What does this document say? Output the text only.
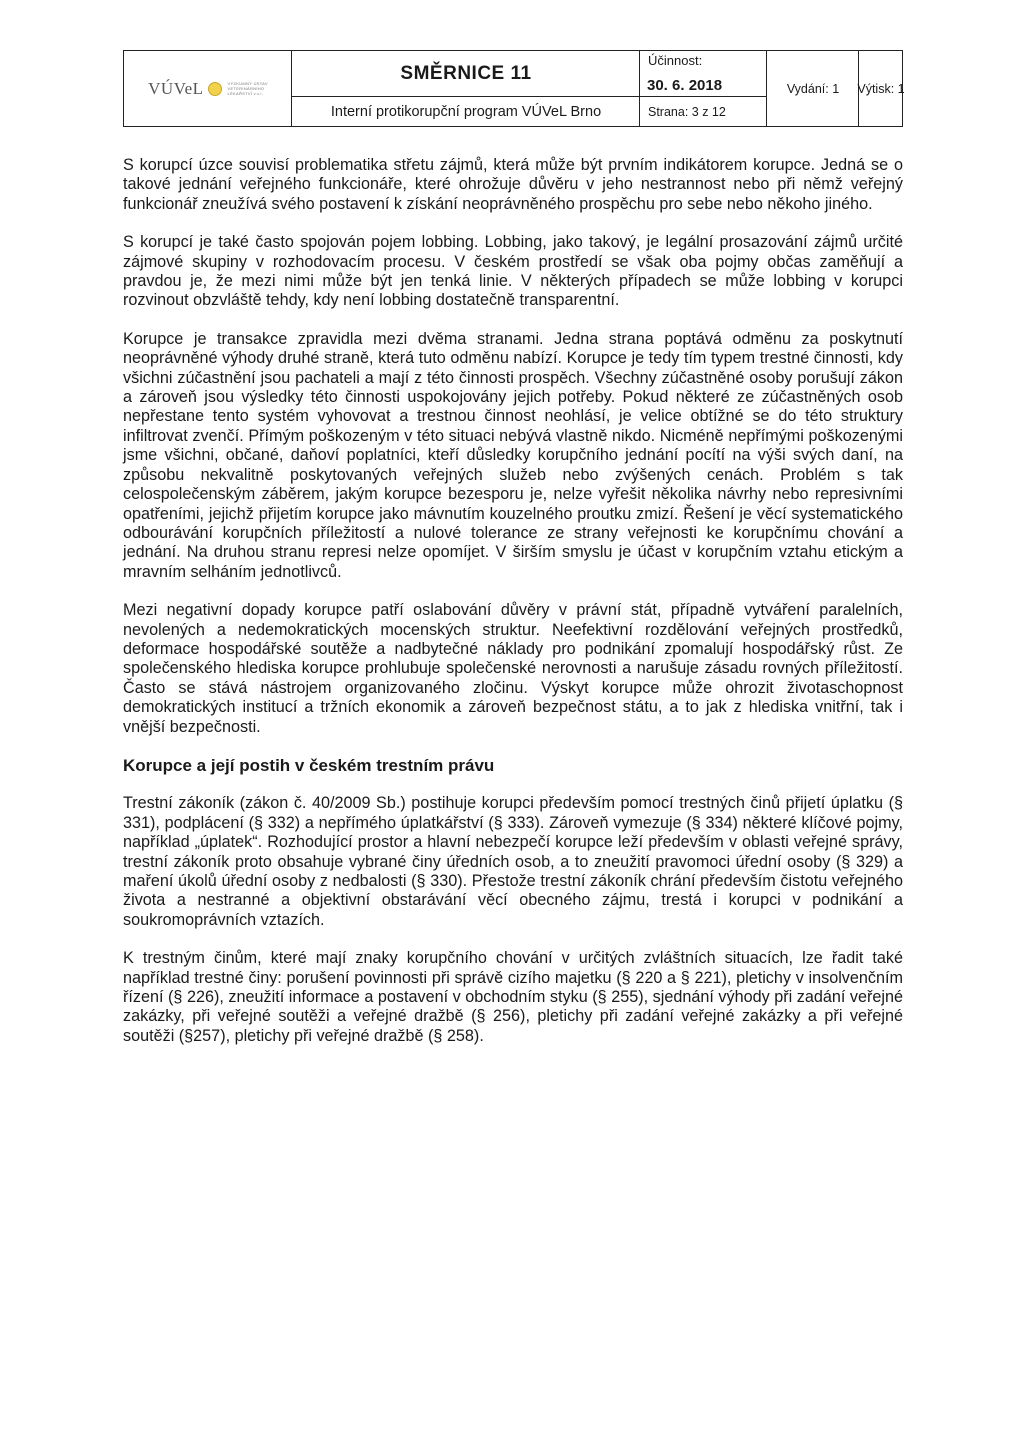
VÚVeL	VÝZKUMNÝ ÚSTAV
VETERINÁRNÍHO
LÉKAŘSTVÍ v.v.i.
SMĚRNICE 11
Interní protikorupční program VÚVeL Brno
Účinnost:
30. 6. 2018
Strana: 3 z 12
Vydání: 1	Výtisk: 1

S korupcí úzce souvisí problematika střetu zájmů, která může být prvním indikátorem korupce. Jedná se o takové jednání veřejného funkcionáře, které ohrožuje důvěru v jeho nestrannost nebo při němž veřejný funkcionář zneužívá svého postavení k získání neoprávněného prospěchu pro sebe nebo někoho jiného.

S korupcí je také často spojován pojem lobbing. Lobbing, jako takový, je legální prosazování zájmů určité zájmové skupiny v rozhodovacím procesu. V českém prostředí se však oba pojmy občas zaměňují a pravdou je, že mezi nimi může být jen tenká linie. V některých případech se může lobbing v korupci rozvinout obzvláště tehdy, kdy není lobbing dostatečně transparentní.

Korupce je transakce zpravidla mezi dvěma stranami. Jedna strana poptává odměnu za poskytnutí neoprávněné výhody druhé straně, která tuto odměnu nabízí. Korupce je tedy tím typem trestné činnosti, kdy všichni zúčastnění jsou pachateli a mají z této činnosti prospěch. Všechny zúčastněné osoby porušují zákon a zároveň jsou výsledky této činnosti uspokojovány jejich potřeby. Pokud některé ze zúčastněných osob nepřestane tento systém vyhovovat a trestnou činnost neohlásí, je velice obtížné se do této struktury infiltrovat zvenčí. Přímým poškozeným v této situaci nebývá vlastně nikdo. Nicméně nepřímými poškozenými jsme všichni, občané, daňoví poplatníci, kteří důsledky korupčního jednání pocítí na výši svých daní, na způsobu nekvalitně poskytovaných veřejných služeb nebo zvýšených cenách. Problém s tak celospolečenským záběrem, jakým korupce bezesporu je, nelze vyřešit několika návrhy nebo represivními opatřeními, jejichž přijetím korupce jako mávnutím kouzelného proutku zmizí. Řešení je věcí systematického odbourávání korupčních příležitostí a nulové tolerance ze strany veřejnosti ke korupčnímu chování a jednání. Na druhou stranu represi nelze opomíjet. V širším smyslu je účast v korupčním vztahu etickým a mravním selháním jednotlivců.

Mezi negativní dopady korupce patří oslabování důvěry v právní stát, případně vytváření paralelních, nevolených a nedemokratických mocenských struktur. Neefektivní rozdělování veřejných prostředků, deformace hospodářské soutěže a nadbytečné náklady pro podnikání zpomalují hospodářský růst. Ze společenského hlediska korupce prohlubuje společenské nerovnosti a narušuje zásadu rovných příležitostí. Často se stává nástrojem organizovaného zločinu. Výskyt korupce může ohrozit životaschopnost demokratických institucí a tržních ekonomik a zároveň bezpečnost státu, a to jak z hlediska vnitřní, tak i vnější bezpečnosti.

Korupce a její postih v českém trestním právu

Trestní zákoník (zákon č. 40/2009 Sb.) postihuje korupci především pomocí trestných činů přijetí úplatku (§ 331), podplácení (§ 332) a nepřímého úplatkářství (§ 333). Zároveň vymezuje (§ 334) některé klíčové pojmy, například „úplatek“. Rozhodující prostor a hlavní nebezpečí korupce leží především v oblasti veřejné správy, trestní zákoník proto obsahuje vybrané činy úředních osob, a to zneužití pravomoci úřední osoby (§ 329) a maření úkolů úřední osoby z nedbalosti (§ 330). Přestože trestní zákoník chrání především čistotu veřejného života a nestranné a objektivní obstarávání věcí obecného zájmu, trestá i korupci v podnikání a soukromoprávních vztazích.

K trestným činům, které mají znaky korupčního chování v určitých zvláštních situacích, lze řadit také například trestné činy: porušení povinnosti při správě cizího majetku (§ 220 a § 221), pletichy v insolvenčním řízení (§ 226), zneužití informace a postavení v obchodním styku (§ 255), sjednání výhody při zadání veřejné zakázky, při veřejné soutěži a veřejné dražbě (§ 256), pletichy při zadání veřejné zakázky a při veřejné soutěži (§257), pletichy při veřejné dražbě (§ 258).
